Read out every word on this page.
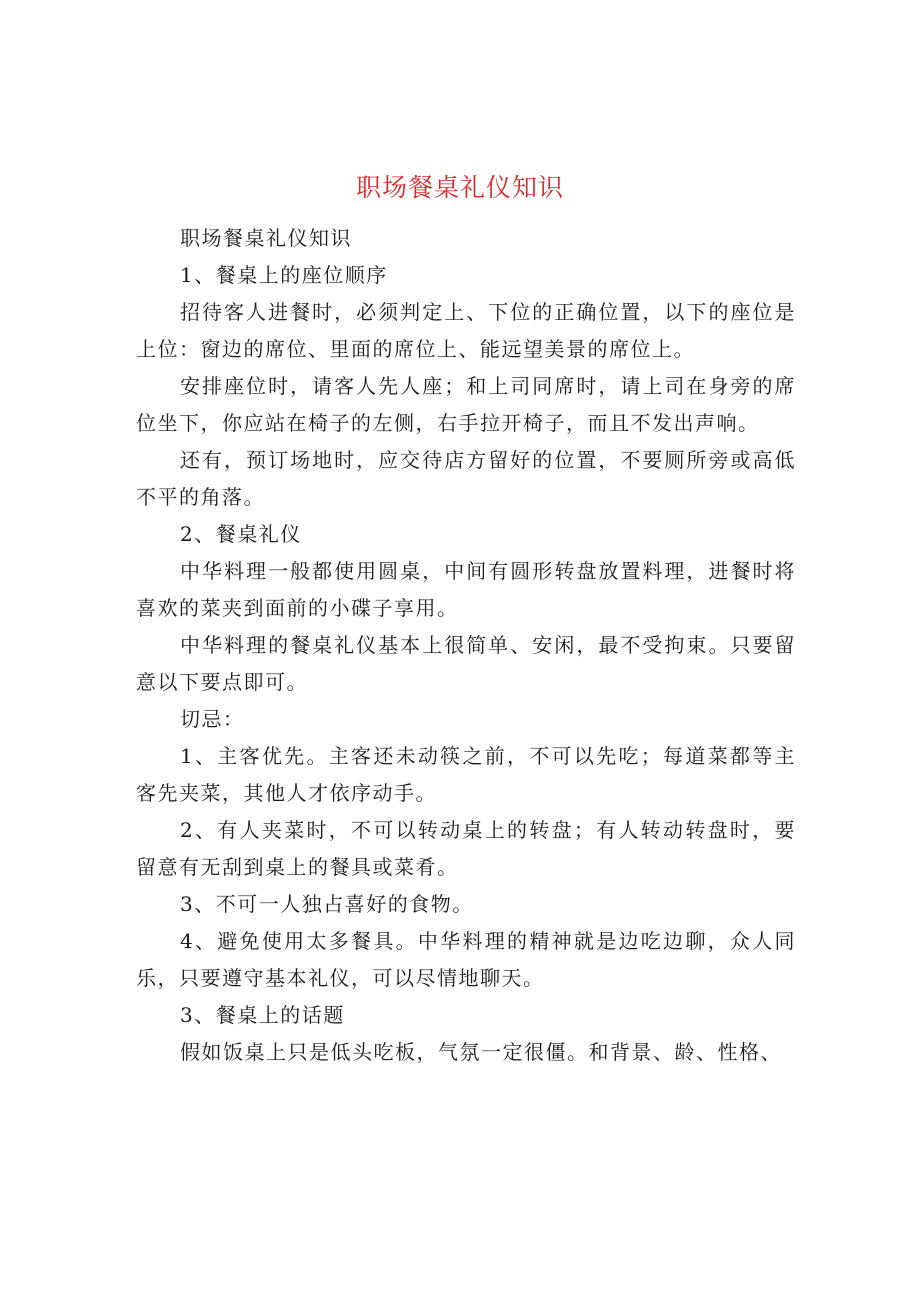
职场餐桌礼仪知识

职场餐桌礼仪知识

1、餐桌上的座位顺序

招待客人进餐时，必须判定上、下位的正确位置，以下的座位是上位：窗边的席位、里面的席位上、能远望美景的席位上。

安排座位时，请客人先人座；和上司同席时，请上司在身旁的席位坐下，你应站在椅子的左侧，右手拉开椅子，而且不发出声响。

还有，预订场地时，应交待店方留好的位置，不要厕所旁或高低不平的角落。

2、餐桌礼仪

中华料理一般都使用圆桌，中间有圆形转盘放置料理，进餐时将喜欢的菜夹到面前的小碟子享用。

中华料理的餐桌礼仪基本上很简单、安闲，最不受拘束。只要留意以下要点即可。

切忌：

1、主客优先。主客还未动筷之前，不可以先吃；每道菜都等主客先夹菜，其他人才依序动手。

2、有人夹菜时，不可以转动桌上的转盘；有人转动转盘时，要留意有无刮到桌上的餐具或菜肴。

3、不可一人独占喜好的食物。

4、避免使用太多餐具。中华料理的精神就是边吃边聊，众人同乐，只要遵守基本礼仪，可以尽情地聊天。

3、餐桌上的话题

假如饭桌上只是低头吃板，气氛一定很僵。和背景、龄、性格、
